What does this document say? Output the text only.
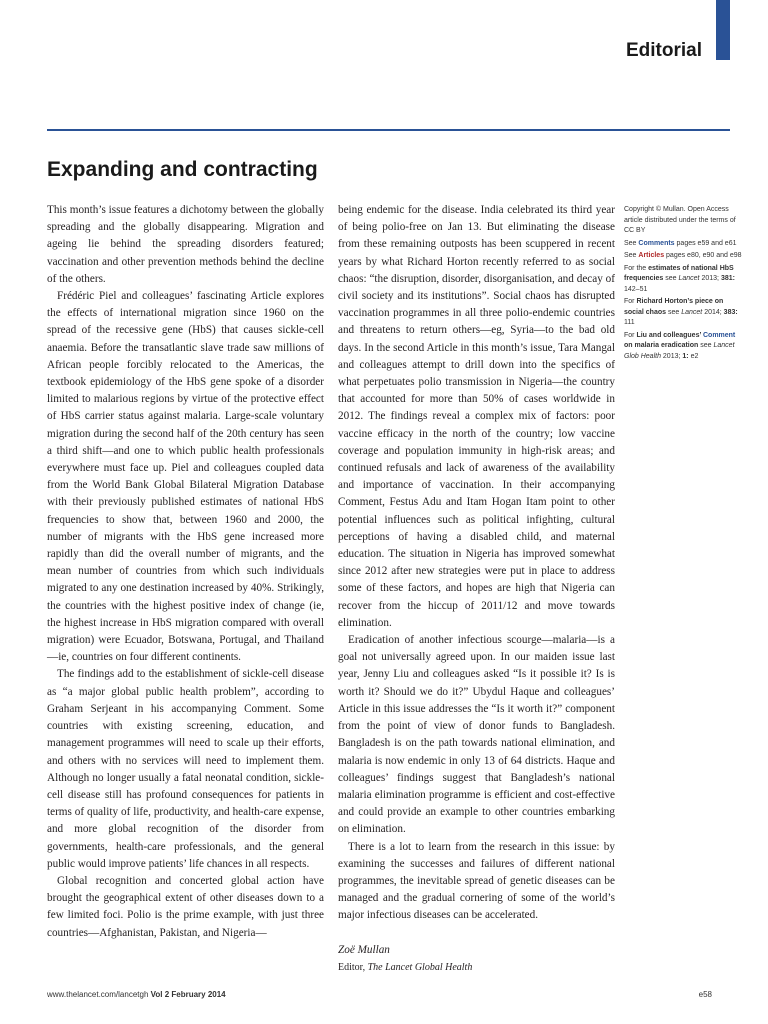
Editorial
Expanding and contracting

This month’s issue features a dichotomy between the globally spreading and the globally disappearing. Migration and ageing lie behind the spreading disorders featured; vaccination and other prevention methods behind the decline of the others.

Frédéric Piel and colleagues’ fascinating Article explores the effects of international migration since 1960 on the spread of the recessive gene (HbS) that causes sickle-cell anaemia. Before the transatlantic slave trade saw millions of African people forcibly relocated to the Americas, the textbook epidemiology of the HbS gene spoke of a disorder limited to malarious regions by virtue of the protective effect of HbS carrier status against malaria. Large-scale voluntary migration during the second half of the 20th century has seen a third shift—and one to which public health professionals everywhere must face up. Piel and colleagues coupled data from the World Bank Global Bilateral Migration Database with their previously published estimates of national HbS frequencies to show that, between 1960 and 2000, the number of migrants with the HbS gene increased more rapidly than did the overall number of migrants, and the mean number of countries from which such individuals migrated to any one destination increased by 40%. Strikingly, the countries with the highest positive index of change (ie, the highest increase in HbS migration compared with overall migration) were Ecuador, Botswana, Portugal, and Thailand—ie, countries on four different continents.

The findings add to the establishment of sickle-cell disease as “a major global public health problem”, according to Graham Serjeant in his accompanying Comment. Some countries with existing screening, education, and management programmes will need to scale up their efforts, and others with no services will need to implement them. Although no longer usually a fatal neonatal condition, sickle-cell disease still has profound consequences for patients in terms of quality of life, productivity, and health-care expense, and more global recognition of the disorder from governments, health-care professionals, and the general public would improve patients’ life chances in all respects.

Global recognition and concerted global action have brought the geographical extent of other diseases down to a few limited foci. Polio is the prime example, with just three countries—Afghanistan, Pakistan, and Nigeria—

being endemic for the disease. India celebrated its third year of being polio-free on Jan 13. But eliminating the disease from these remaining outposts has been scuppered in recent years by what Richard Horton recently referred to as social chaos: “the disruption, disorder, disorganisation, and decay of civil society and its institutions”. Social chaos has disrupted vaccination programmes in all three polio-endemic countries and threatens to return others—eg, Syria—to the bad old days. In the second Article in this month’s issue, Tara Mangal and colleagues attempt to drill down into the specifics of what perpetuates polio transmission in Nigeria—the country that accounted for more than 50% of cases worldwide in 2012. The findings reveal a complex mix of factors: poor vaccine efficacy in the north of the country; low vaccine coverage and population immunity in high-risk areas; and continued refusals and lack of awareness of the availability and importance of vaccination. In their accompanying Comment, Festus Adu and Itam Hogan Itam point to other potential influences such as political infighting, cultural perceptions of having a disabled child, and maternal education. The situation in Nigeria has improved somewhat since 2012 after new strategies were put in place to address some of these factors, and hopes are high that Nigeria can recover from the hiccup of 2011/12 and move towards elimination.

Eradication of another infectious scourge—malaria—is a goal not universally agreed upon. In our maiden issue last year, Jenny Liu and colleagues asked “Is it possible it? Is is worth it? Should we do it?” Ubydul Haque and colleagues’ Article in this issue addresses the “Is it worth it?” component from the point of view of donor funds to Bangladesh. Bangladesh is on the path towards national elimination, and malaria is now endemic in only 13 of 64 districts. Haque and colleagues’ findings suggest that Bangladesh’s national malaria elimination programme is efficient and cost-effective and could provide an example to other countries embarking on elimination.

There is a lot to learn from the research in this issue: by examining the successes and failures of different national programmes, the inevitable spread of genetic diseases can be managed and the gradual cornering of some of the world’s major infectious diseases can be accelerated.

Zoë Mullan

Editor, The Lancet Global Health

Copyright © Mullan. Open Access article distributed under the terms of CC BY

See Comments pages e59 and e61

See Articles pages e80, e90 and e98

For the estimates of national HbS frequencies see Lancet 2013; 381: 142–51

For Richard Horton’s piece on social chaos see Lancet 2014; 383: 111

For Liu and colleagues’ Comment on malaria eradication see Lancet Glob Health 2013; 1: e2

www.thelancet.com/lancetgh Vol 2 February 2014	e58
